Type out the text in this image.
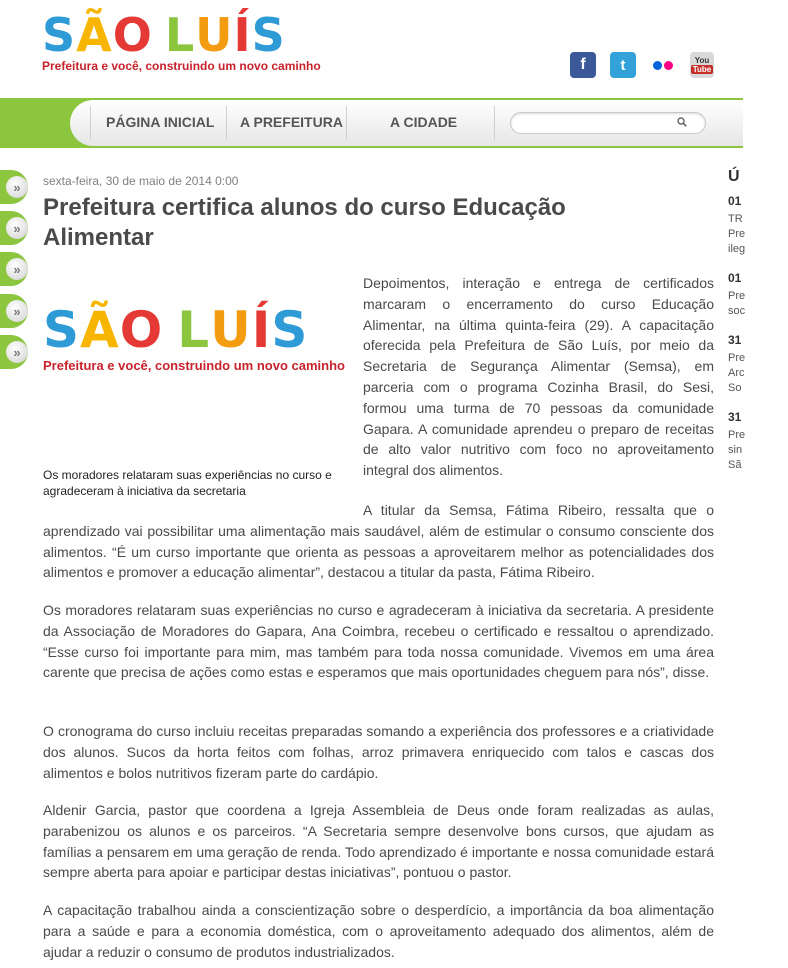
SÃO LUÍS
Prefeitura e você, construindo um novo caminho	f t	You
Tube
PÁGINA INICIAL A PREFEITURA	A CIDADE
»
»
»
»
»
sexta-feira, 30 de maio de 2014 0:00
Prefeitura certifica alunos do curso Educação Alimentar
SÃO LUÍS
Prefeitura e você, construindo um novo caminho
Os moradores relataram suas experiências no curso e agradeceram à iniciativa da secretaria

Depoimentos, interação e entrega de certificados marcaram o encerramento do curso Educação Alimentar, na última quinta-feira (29). A capacitação oferecida pela Prefeitura de São Luís, por meio da Secretaria de Segurança Alimentar (Semsa), em parceria com o programa Cozinha Brasil, do Sesi, formou uma turma de 70 pessoas da comunidade Gapara. A comunidade aprendeu o preparo de receitas de alto valor nutritivo com foco no aproveitamento integral dos alimentos.

A titular da Semsa, Fátima Ribeiro, ressalta que o aprendizado vai possibilitar uma alimentação mais saudável, além de estimular o consumo consciente dos alimentos. “É um curso importante que orienta as pessoas a aproveitarem melhor as potencialidades dos alimentos e promover a educação alimentar”, destacou a titular da pasta, Fátima Ribeiro.

Os moradores relataram suas experiências no curso e agradeceram à iniciativa da secretaria. A presidente da Associação de Moradores do Gapara, Ana Coimbra, recebeu o certificado e ressaltou o aprendizado. “Esse curso foi importante para mim, mas também para toda nossa comunidade. Vivemos em uma área carente que precisa de ações como estas e esperamos que mais oportunidades cheguem para nós”, disse.

O cronograma do curso incluiu receitas preparadas somando a experiência dos professores e a criatividade dos alunos. Sucos da horta feitos com folhas, arroz primavera enriquecido com talos e cascas dos alimentos e bolos nutritivos fizeram parte do cardápio.

Aldenir Garcia, pastor que coordena a Igreja Assembleia de Deus onde foram realizadas as aulas, parabenizou os alunos e os parceiros. “A Secretaria sempre desenvolve bons cursos, que ajudam as famílias a pensarem em uma geração de renda. Todo aprendizado é importante e nossa comunidade estará sempre aberta para apoiar e participar destas iniciativas”, pontuou o pastor.

A capacitação trabalhou ainda a conscientização sobre o desperdício, a importância da boa alimentação para a saúde e para a economia doméstica, com o aproveitamento adequado dos alimentos, além de ajudar a reduzir o consumo de produtos industrializados.

Ú
01
TR
Pre
ileg
01
Pre
soc
31
Pre
Arc
So
31
Pre
sin
Sã
